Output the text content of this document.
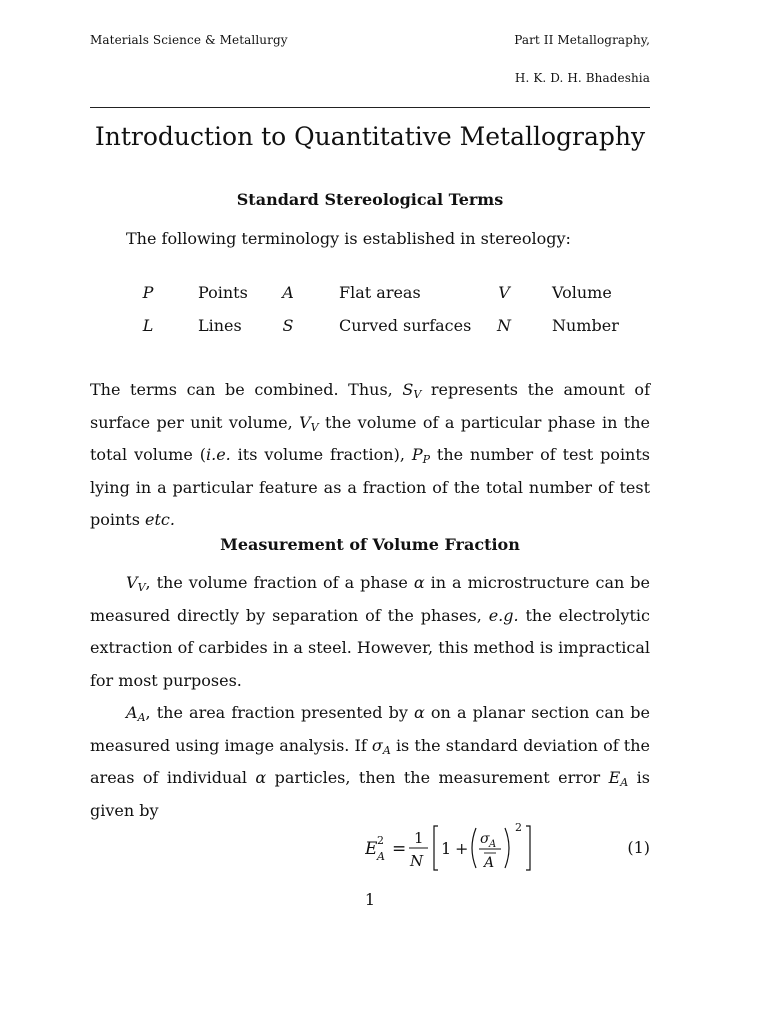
Materials Science & Metallurgy	Part II Metallography,
H. K. D. H. Bhadeshia
Introduction to Quantitative Metallography
Standard Stereological Terms
The following terminology is established in stereology:
P		Points	A		Flat areas	V		Volume
L		Lines	S		Curved surfaces	N		Number

The terms can be combined. Thus, $S_V$ represents the amount of surface per unit volume, $V_V$ the volume of a particular phase in the total volume (i.e. its volume fraction), $P_P$ the number of test points lying in a particular feature as a fraction of the total number of test points etc.

Measurement of Volume Fraction

$V_V$, the volume fraction of a phase α in a microstructure can be measured directly by separation of the phases, e.g. the electrolytic extraction of carbides in a steel. However, this method is impractical for most purposes.

$A_A$, the area fraction presented by α on a planar section can be measured using image analysis. If $\sigma_A$ is the standard deviation of the areas of individual α particles, then the measurement error $E_A$ is given by

E A
2 =
1
N
1 + σ A
A
2
(1)
1
